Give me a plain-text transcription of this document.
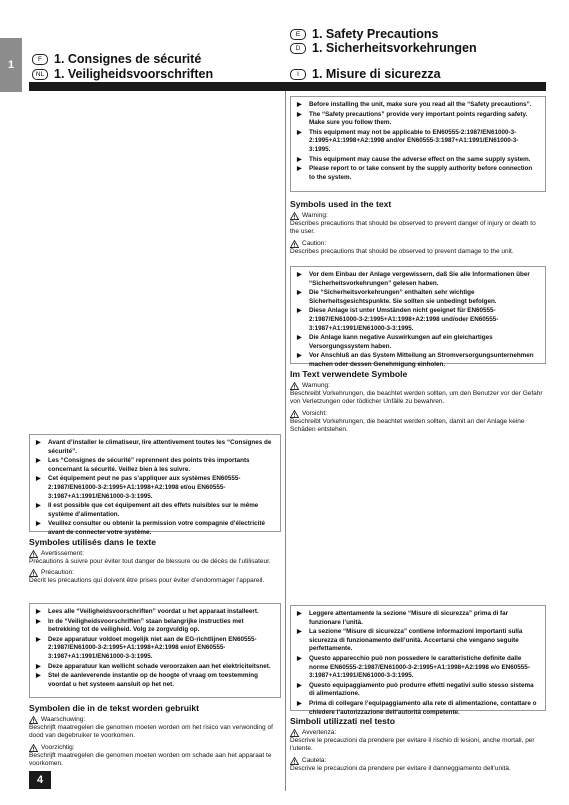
1	F 1. Consignes de sécurité
NL 1. Veiligheidsvoorschriften
E 1. Safety Precautions
D 1. Sicherheitsvorkehrungen
I	1. Misure di sicurezza
▶ Before installing the unit, make sure you read all the “Safety precautions”.
▶ The “Safety precautions” provide very important points regarding safety. Make sure you follow them.
▶ This equipment may not be applicable to EN60555-2:1987/EN61000-3-2:1995+A1:1998+A2:1998 and/or EN60555-3:1987+A1:1991/EN61000-3-3:1995.
▶ This equipment may cause the adverse effect on the same supply system.
▶ Please report to or take consent by the supply authority before connection to the system.
Symbols used in the text
Warning:

Describes precautions that should be observed to prevent danger of injury or death to the user.

Caution:

Describes precautions that should be observed to prevent damage to the unit.

▶ Vor dem Einbau der Anlage vergewissern, daß Sie alle Informationen über “Sicherheitsvorkehrungen” gelesen haben.
▶ Die “Sicherheitsvorkehrungen” enthalten sehr wichtige Sicherheitsgesichtspunkte. Sie sollten sie unbedingt befolgen.
▶ Diese Anlage ist unter Umständen nicht geeignet für EN60555-2:1987/EN61000-3-2:1995+A1:1998+A2:1998 und/oder EN60555-3:1987+A1:1991/EN61000-3-3:1995.
▶ Die Anlage kann negative Auswirkungen auf ein gleichartiges Versorgungssystem haben.
▶ Vor Anschluß an das System Mitteilung an Stromversorgungsunternehmen machen oder dessen Genehmigung einholen.
Im Text verwendete Symbole
Warnung:

Beschreibt Vorkehrungen, die beachtet werden sollten, um den Benutzer vor der Gefahr von Verletzungen oder tödlicher Unfälle zu bewahren.

Vorsicht:

Beschreibt Vorkehrungen, die beachtet werden sollten, damit an der Anlage keine Schäden entstehen.

▶ Avant d’installer le climatiseur, lire attentivement toutes les “Consignes de sécurité”.
▶ Les “Consignes de sécurité” reprennent des points très importants concernant la sécurité. Veillez bien à les suivre.
▶ Cet équipement peut ne pas s’appliquer aux systèmes EN60555-2:1987/EN61000-3-2:1995+A1:1998+A2:1998 et/ou EN60555-3:1987+A1:1991/EN61000-3-3:1995.
▶ Il est possible que cet équipement ait des effets nuisibles sur le même système d’alimentation.
▶ Veuillez consulter ou obtenir la permission votre compagnie d’électricité avant de connecter votre système.
Symboles utilisés dans le texte
Avertissement:

Précautions à suivre pour éviter tout danger de blessure ou de décès de l’utilisateur.

Précaution:

Décrit les précautions qui doivent être prises pour éviter d’endommager l’appareil.

▶ Lees alle “Veiligheidsvoorschriften” voordat u het apparaat installeert.
▶ In de “Veiligheidsvoorschriften” staan belangrijke instructies met betrekking tot de veiligheid. Volg ze zorgvuldig op.
▶ Deze apparatuur voldoet mogelijk niet aan de EG-richtlijnen EN60555-2:1987/EN61000-3-2:1995+A1:1998+A2:1998 en/of EN60555-3:1987+A1:1991/EN61000-3-3:1995.
▶ Deze apparatuur kan wellicht schade veroorzaken aan het elektriciteitsnet.
▶ Stel de aanleverende instantie op de hoogte of vraag om toestemming voordat u het systeem aansluit op het net.
Symbolen die in de tekst worden gebruikt
Waarschuwing:

Beschrijft maatregelen die genomen moeten worden om het risico van verwonding of dood van degebruiker te voorkomen.

Voorzichtig:

Beschrijft maatregelen die genomen moeten worden om schade aan het apparaat te voorkomen.

▶ Leggere attentamente la sezione “Misure di sicurezza” prima di far funzionare l’unità.
▶ La sezione “Misure di sicurezza” contiene informazioni importanti sulla sicurezza di funzionamento dell’unità. Accertarsi che vengano seguite perfettamente.
▶ Questo apparecchio può non possedere le caratteristiche definite dalle norme EN60555-2:1987/EN61000-3-2:1995+A1:1998+A2:1998 e/o EN60555-3:1987+A1:1991/EN61000-3-3:1995.
▶ Questo equipaggiamento può produrre effetti negativi sullo stesso sistema di alimentazione.
▶ Prima di collegare l’equipaggiamento alla rete di alimentazione, contattare o chiedere l’autorizzazione dell’autorità competente.
Simboli utilizzati nel testo
Avvertenza:

Descrive le precauzioni da prendere per evitare il rischio di lesioni, anche mortali, per l’utente.

Cautela:

Descrive le precauzioni da prendere per evitare il danneggiamento dell’unità.

4
